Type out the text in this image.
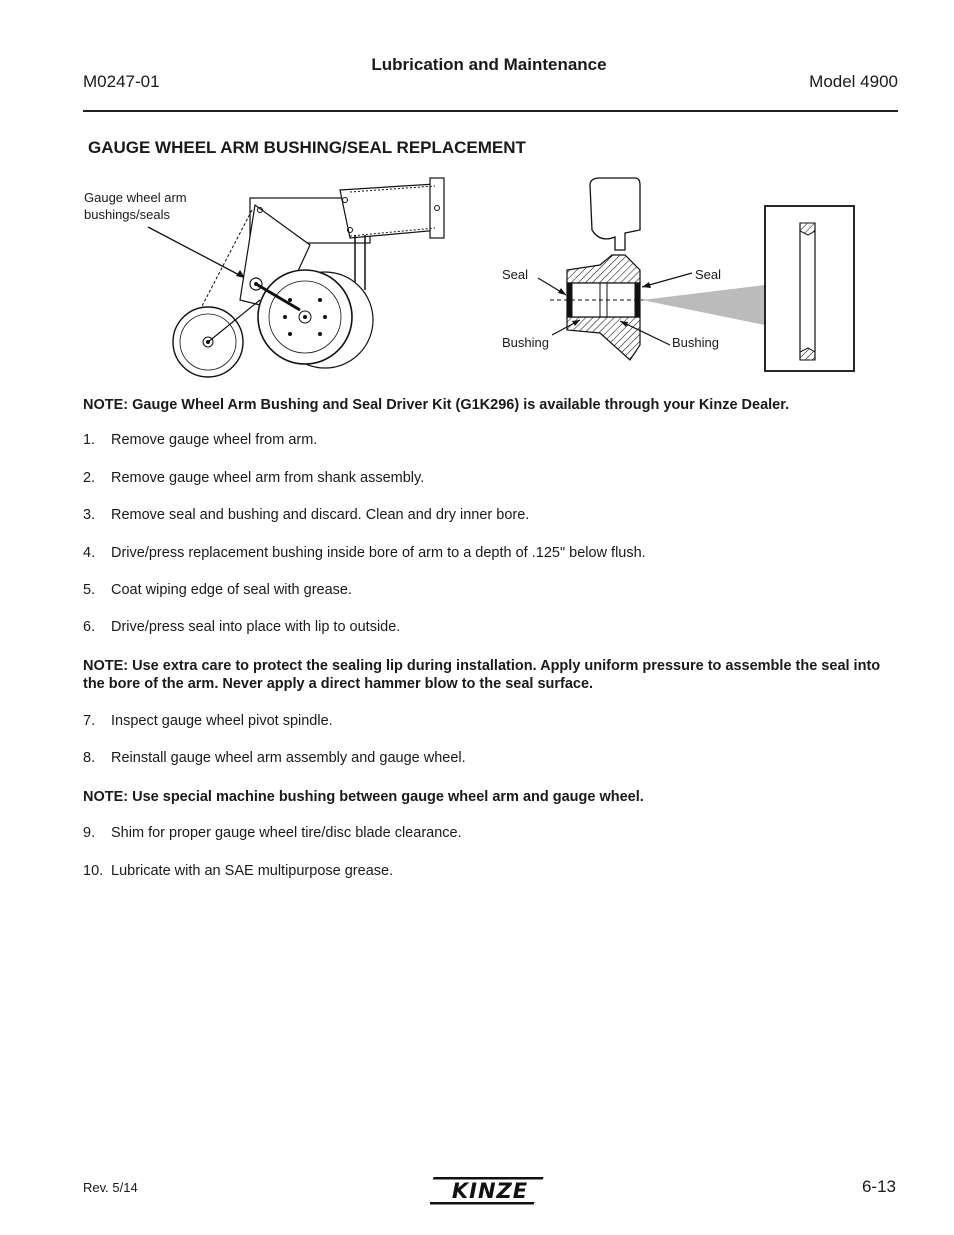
M0247-01
Lubrication and Maintenance
Model 4900
GAUGE WHEEL ARM BUSHING/SEAL REPLACEMENT
Gauge wheel arm
bushings/seals
Seal	Seal
Bushing	Bushing
NOTE: Gauge Wheel Arm Bushing and Seal Driver Kit (G1K296) is available through your Kinze Dealer.
1. Remove gauge wheel from arm.
2. Remove gauge wheel arm from shank assembly.
3. Remove seal and bushing and discard. Clean and dry inner bore.
4. Drive/press replacement bushing inside bore of arm to a depth of .125" below flush.
5. Coat wiping edge of seal with grease.
6. Drive/press seal into place with lip to outside.
NOTE: Use extra care to protect the sealing lip during installation. Apply uniform pressure to assemble the seal into the bore of the arm. Never apply a direct hammer blow to the seal surface.
7. Inspect gauge wheel pivot spindle.
8. Reinstall gauge wheel arm assembly and gauge wheel.
NOTE: Use special machine bushing between gauge wheel arm and gauge wheel.
9. Shim for proper gauge wheel tire/disc blade clearance.
10. Lubricate with an SAE multipurpose grease.
Rev. 5/14	KINZE	6-13
